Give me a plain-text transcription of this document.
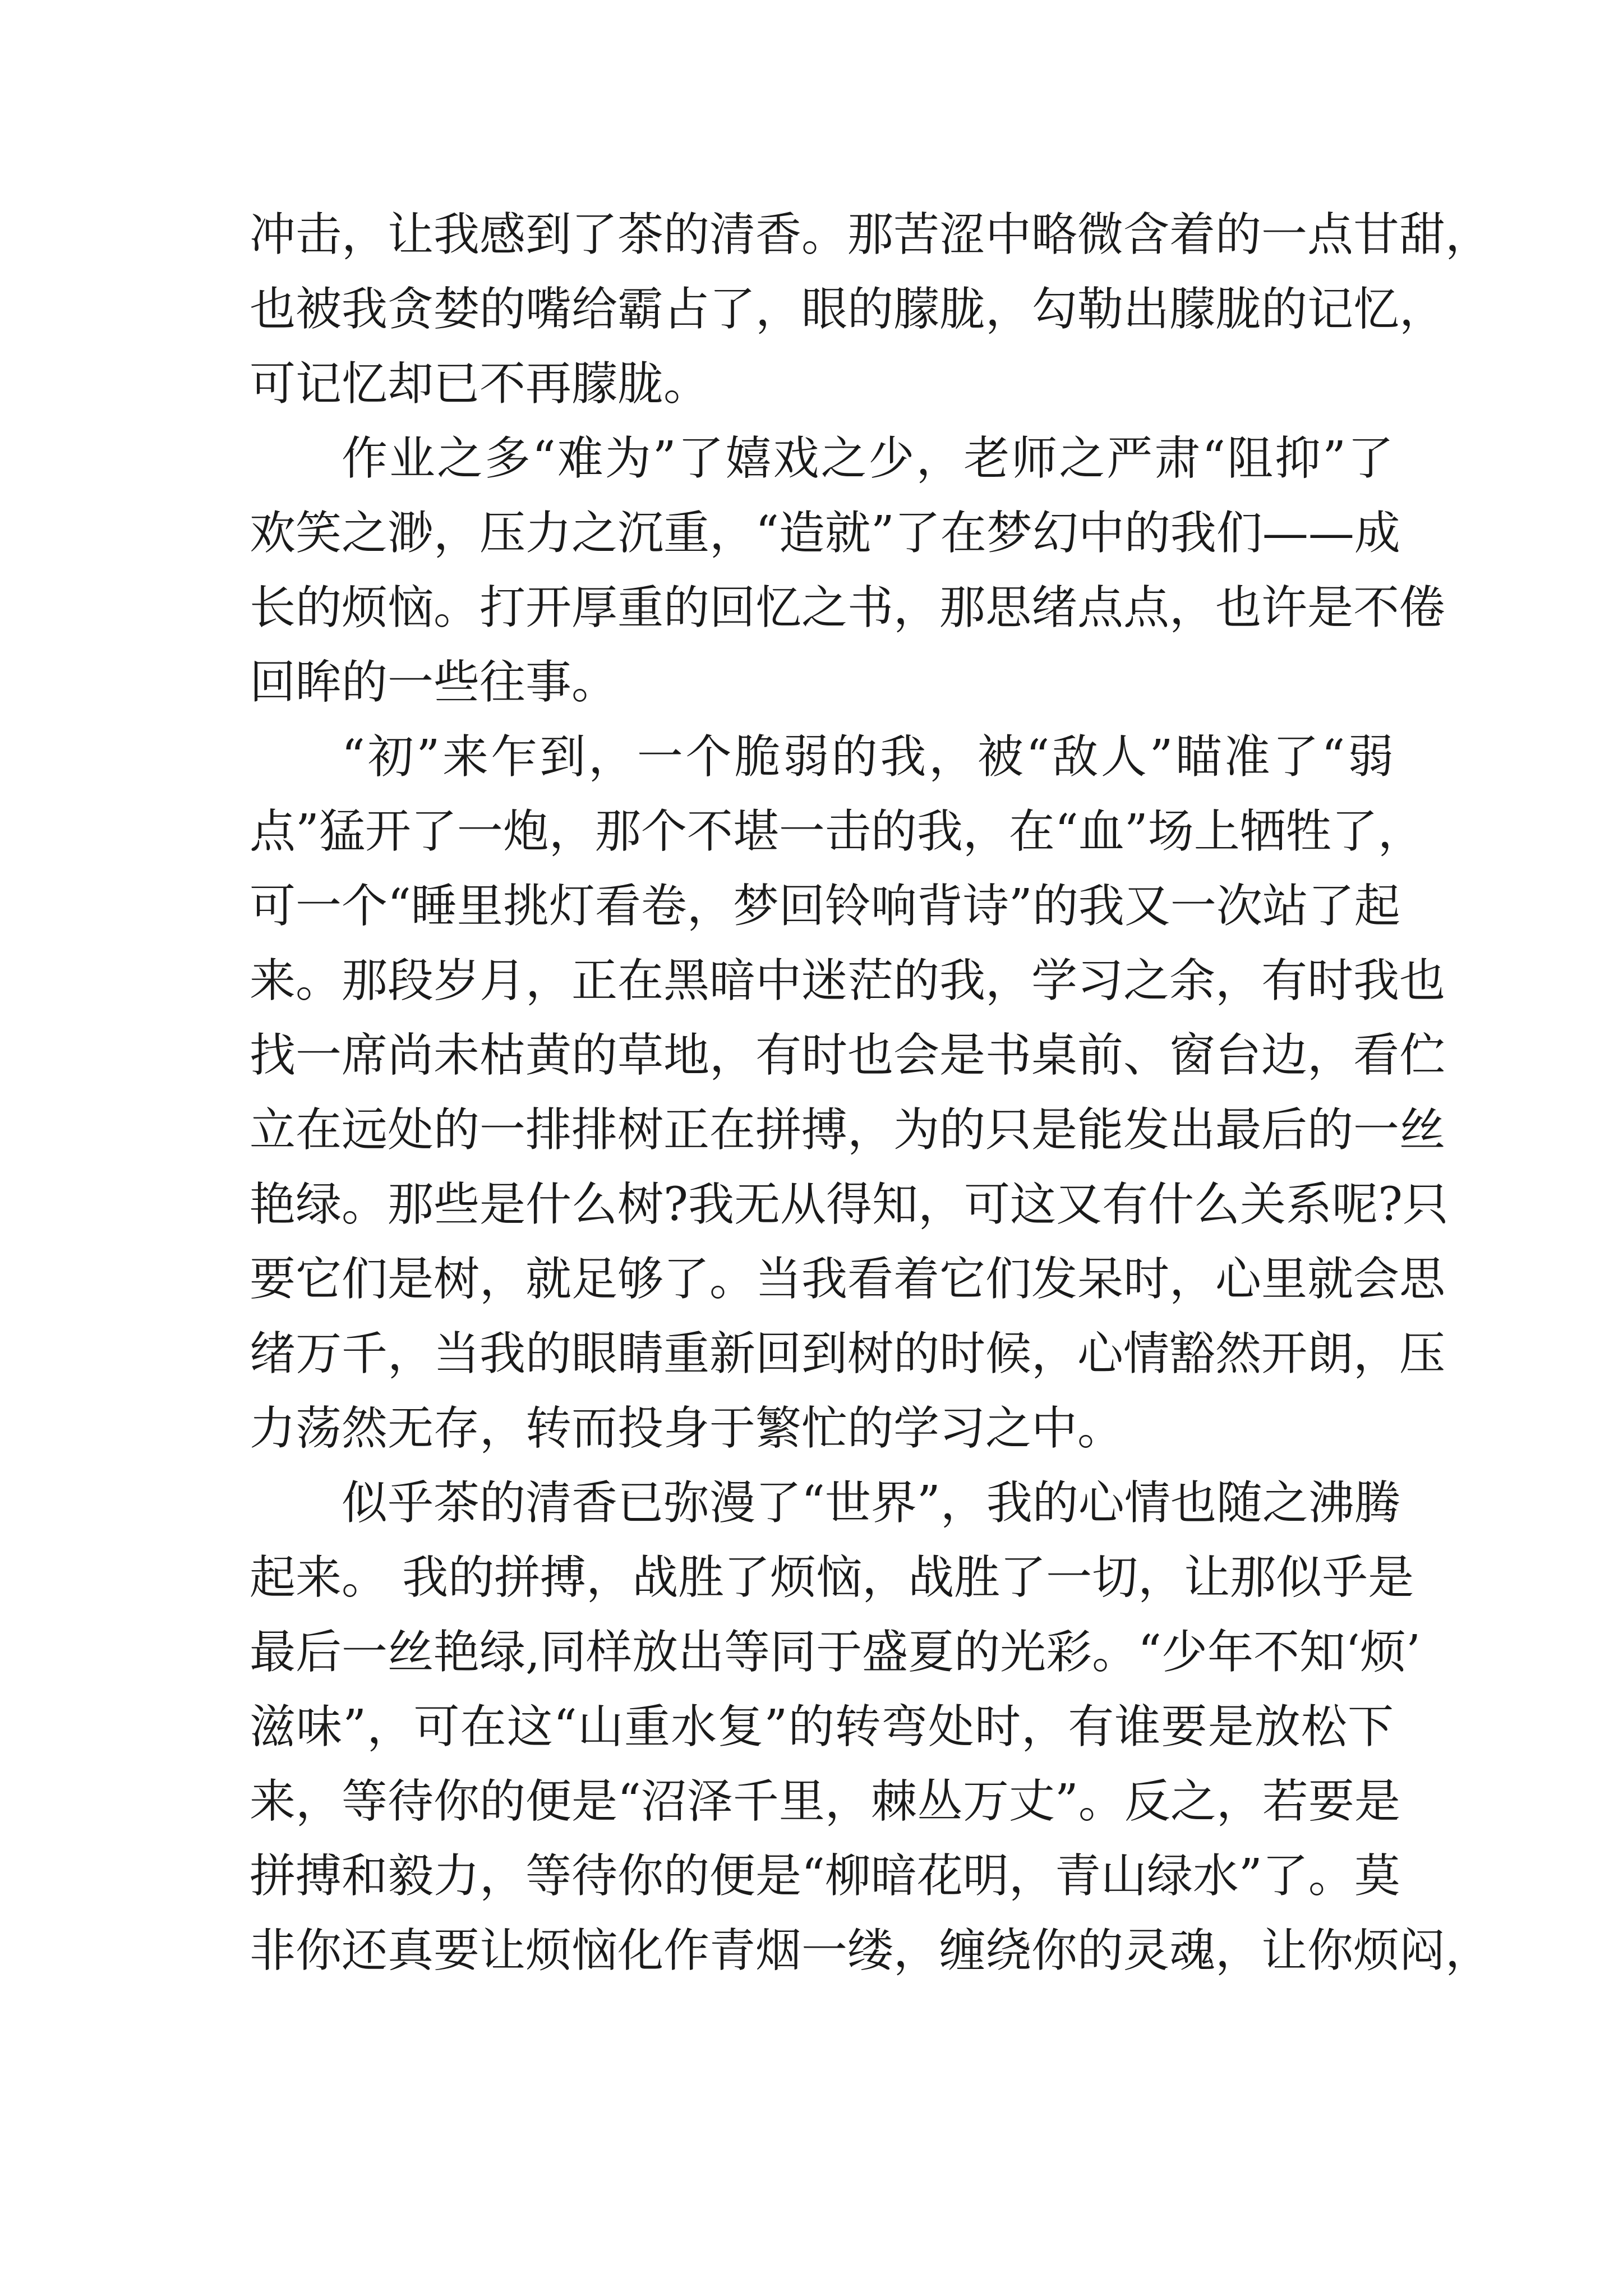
冲击，让我感到了茶的清香。那苦涩中略微含着的一点甘甜，
也被我贪婪的嘴给霸占了，眼的朦胧，勾勒出朦胧的记忆，
可记忆却已不再朦胧。
作业之多“难为”了嬉戏之少，老师之严肃“阻抑”了
欢笑之渺，压力之沉重，“造就”了在梦幻中的我们——成
长的烦恼。打开厚重的回忆之书，那思绪点点，也许是不倦
回眸的一些往事。
“初”来乍到，一个脆弱的我，被“敌人”瞄准了“弱
点”猛开了一炮，那个不堪一击的我，在“血”场上牺牲了，
可一个“睡里挑灯看卷，梦回铃响背诗”的我又一次站了起
来。那段岁月，正在黑暗中迷茫的我，学习之余，有时我也
找一席尚未枯黄的草地，有时也会是书桌前、窗台边，看伫
立在远处的一排排树正在拼搏，为的只是能发出最后的一丝
艳绿。那些是什么树?我无从得知，可这又有什么关系呢?只
要它们是树，就足够了。当我看着它们发呆时，心里就会思
绪万千，当我的眼睛重新回到树的时候，心情豁然开朗，压
力荡然无存，转而投身于繁忙的学习之中。
似乎茶的清香已弥漫了“世界”，我的心情也随之沸腾
起来。 我的拼搏，战胜了烦恼，战胜了一切，让那似乎是
最后一丝艳绿,同样放出等同于盛夏的光彩。“少年不知‘烦’
滋味”，可在这“山重水复”的转弯处时，有谁要是放松下
来，等待你的便是“沼泽千里，棘丛万丈”。反之，若要是
拼搏和毅力，等待你的便是“柳暗花明，青山绿水”了。莫
非你还真要让烦恼化作青烟一缕，缠绕你的灵魂，让你烦闷，
